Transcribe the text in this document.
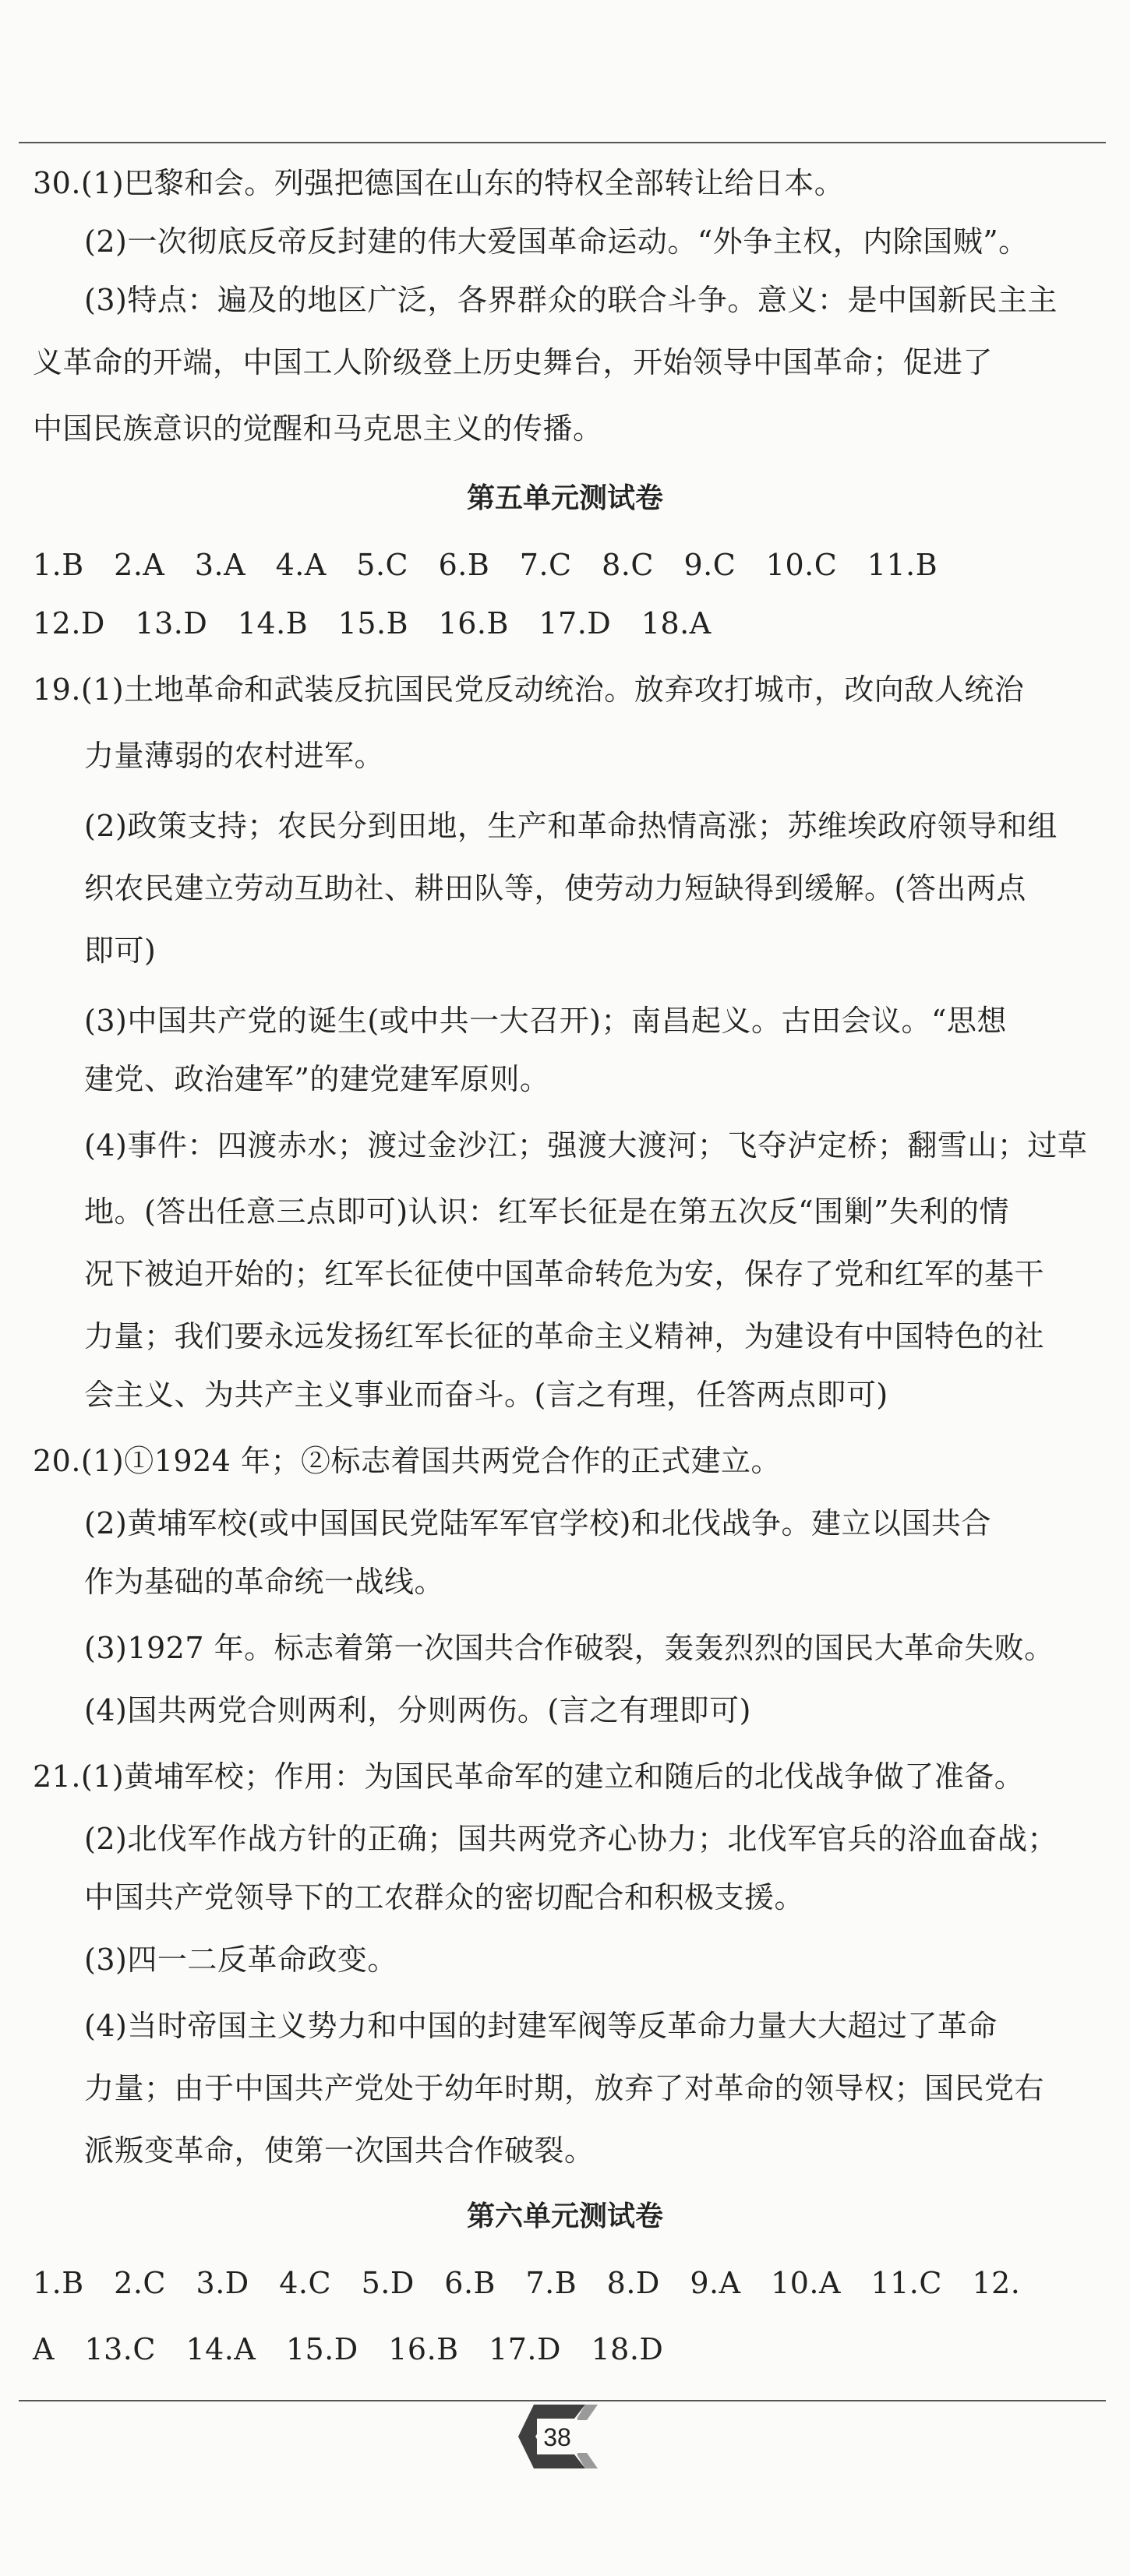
30.(1)巴黎和会。列强把德国在山东的特权全部转让给日本。
(2)一次彻底反帝反封建的伟大爱国革命运动。“外争主权，内除国贼”。
(3)特点：遍及的地区广泛，各界群众的联合斗争。意义：是中国新民主主
义革命的开端，中国工人阶级登上历史舞台，开始领导中国革命；促进了
中国民族意识的觉醒和马克思主义的传播。
第五单元测试卷
1.B　2.A　3.A　4.A　5.C　6.B　7.C　8.C　9.C　10.C　11.B
12.D　13.D　14.B　15.B　16.B　17.D　18.A
19.(1)土地革命和武装反抗国民党反动统治。放弃攻打城市，改向敌人统治
力量薄弱的农村进军。
(2)政策支持；农民分到田地，生产和革命热情高涨；苏维埃政府领导和组
织农民建立劳动互助社、耕田队等，使劳动力短缺得到缓解。(答出两点
即可)
(3)中国共产党的诞生(或中共一大召开)；南昌起义。古田会议。“思想
建党、政治建军”的建党建军原则。
(4)事件：四渡赤水；渡过金沙江；强渡大渡河；飞夺泸定桥；翻雪山；过草
地。(答出任意三点即可)认识：红军长征是在第五次反“围剿”失利的情
况下被迫开始的；红军长征使中国革命转危为安，保存了党和红军的基干
力量；我们要永远发扬红军长征的革命主义精神，为建设有中国特色的社
会主义、为共产主义事业而奋斗。(言之有理，任答两点即可)
20.(1)①1924 年；②标志着国共两党合作的正式建立。
(2)黄埔军校(或中国国民党陆军军官学校)和北伐战争。建立以国共合
作为基础的革命统一战线。
(3)1927 年。标志着第一次国共合作破裂，轰轰烈烈的国民大革命失败。
(4)国共两党合则两利，分则两伤。(言之有理即可)
21.(1)黄埔军校；作用：为国民革命军的建立和随后的北伐战争做了准备。
(2)北伐军作战方针的正确；国共两党齐心协力；北伐军官兵的浴血奋战；
中国共产党领导下的工农群众的密切配合和积极支援。
(3)四一二反革命政变。
(4)当时帝国主义势力和中国的封建军阀等反革命力量大大超过了革命
力量；由于中国共产党处于幼年时期，放弃了对革命的领导权；国民党右
派叛变革命，使第一次国共合作破裂。
第六单元测试卷
1.B　2.C　3.D　4.C　5.D　6.B　7.B　8.D　9.A　10.A　11.C　12.
A　13.C　14.A　15.D　16.B　17.D　18.D
38
